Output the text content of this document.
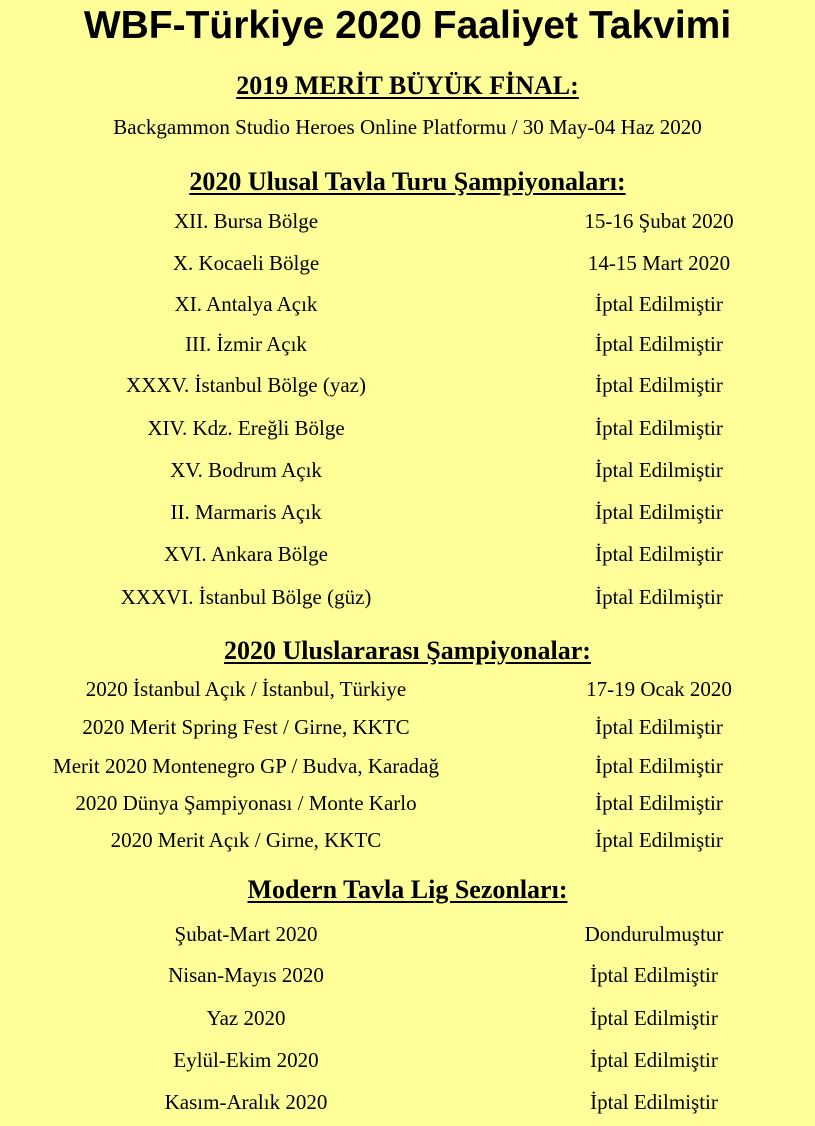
WBF-Türkiye 2020 Faaliyet Takvimi
2019 MERİT BÜYÜK FİNAL:
Backgammon Studio Heroes Online Platformu / 30 May-04 Haz 2020
2020 Ulusal Tavla Turu Şampiyonaları:
XII. Bursa Bölge	15-16 Şubat 2020
X. Kocaeli Bölge	14-15 Mart 2020
XI. Antalya Açık	İptal Edilmiştir
III. İzmir Açık	İptal Edilmiştir
XXXV. İstanbul Bölge (yaz)	İptal Edilmiştir
XIV. Kdz. Ereğli Bölge	İptal Edilmiştir
XV. Bodrum Açık	İptal Edilmiştir
II. Marmaris Açık	İptal Edilmiştir
XVI. Ankara Bölge	İptal Edilmiştir
XXXVI. İstanbul Bölge (güz)	İptal Edilmiştir
2020 Uluslararası Şampiyonalar:
2020 İstanbul Açık / İstanbul, Türkiye	17-19 Ocak 2020
2020 Merit Spring Fest / Girne, KKTC	İptal Edilmiştir
Merit 2020 Montenegro GP / Budva, Karadağ	İptal Edilmiştir
2020 Dünya Şampiyonası / Monte Karlo	İptal Edilmiştir
2020 Merit Açık / Girne, KKTC	İptal Edilmiştir
Modern Tavla Lig Sezonları:
Şubat-Mart 2020	Dondurulmuştur
Nisan-Mayıs 2020	İptal Edilmiştir
Yaz 2020	İptal Edilmiştir
Eylül-Ekim 2020	İptal Edilmiştir
Kasım-Aralık 2020	İptal Edilmiştir
